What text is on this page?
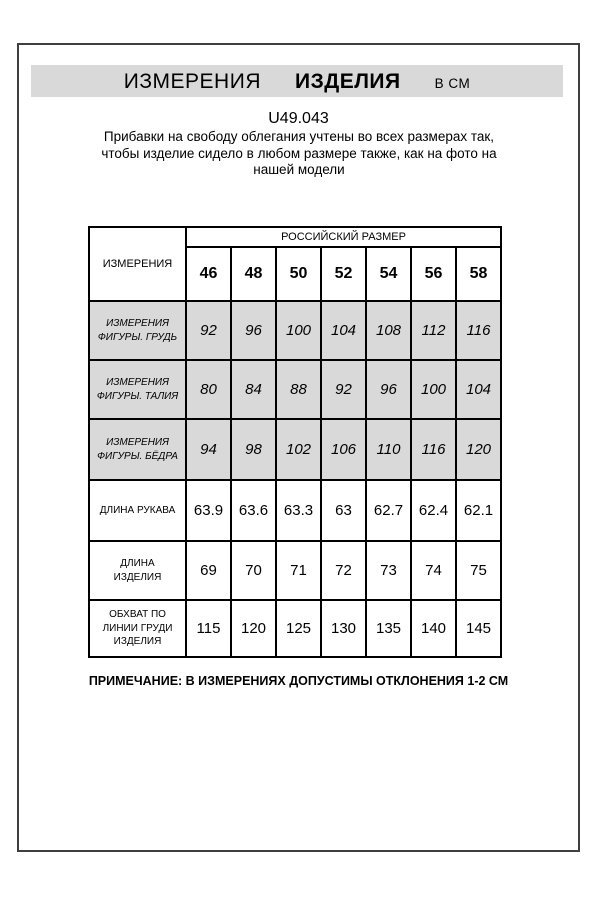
ИЗМЕРЕНИЯ ИЗДЕЛИЯ	В СМ
U49.043
Прибавки на свободу облегания учтены во всех размерах так,
чтобы изделие сидело в любом размере также, как на фото на
нашей модели
ИЗМЕРЕНИЯ	РОССИЙСКИЙ РАЗМЕР						
	46	48	50	52	54	56	58
ИЗМЕРЕНИЯ ФИГУРЫ. ГРУДЬ	92	96	100	104	108	112	116
ИЗМЕРЕНИЯ ФИГУРЫ. ТАЛИЯ	80	84	88	92	96	100	104
ИЗМЕРЕНИЯ ФИГУРЫ. БЁДРА	94	98	102	106	110	116	120
ДЛИНА РУКАВА	63.9	63.6	63.3	63	62.7	62.4	62.1
ДЛИНА ИЗДЕЛИЯ	69	70	71	72	73	74	75
ОБХВАТ ПО ЛИНИИ ГРУДИ ИЗДЕЛИЯ	115	120	125	130	135	140	145
ПРИМЕЧАНИЕ: В ИЗМЕРЕНИЯХ ДОПУСТИМЫ ОТКЛОНЕНИЯ 1-2 СМ
